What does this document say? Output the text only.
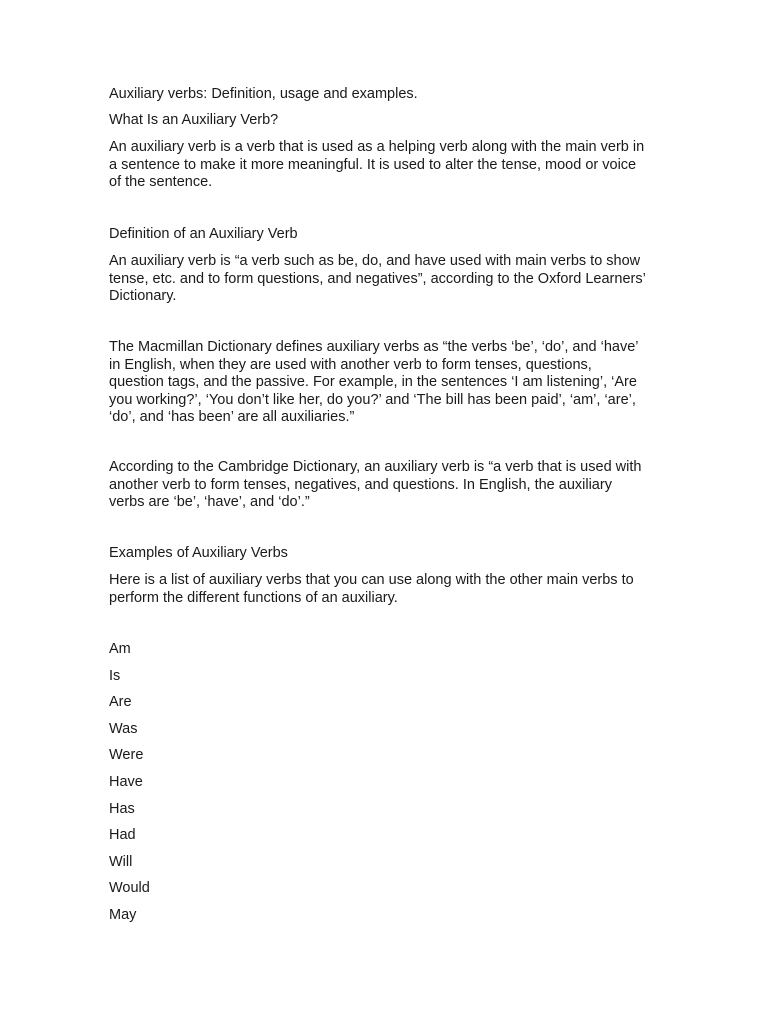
Auxiliary verbs: Definition, usage and examples.

What Is an Auxiliary Verb?

An auxiliary verb is a verb that is used as a helping verb along with the main verb in a sentence to make it more meaningful. It is used to alter the tense, mood or voice of the sentence.

Definition of an Auxiliary Verb

An auxiliary verb is “a verb such as be, do, and have used with main verbs to show tense, etc. and to form questions, and negatives”, according to the Oxford Learners’ Dictionary.

The Macmillan Dictionary defines auxiliary verbs as “the verbs ‘be’, ‘do’, and ‘have’ in English, when they are used with another verb to form tenses, questions, question tags, and the passive. For example, in the sentences ‘I am listening’, ‘Are you working?’, ‘You don’t like her, do you?’ and ‘The bill has been paid’, ‘am’, ‘are’, ‘do’, and ‘has been’ are all auxiliaries.”

According to the Cambridge Dictionary, an auxiliary verb is “a verb that is used with another verb to form tenses, negatives, and questions. In English, the auxiliary verbs are ‘be’, ‘have’, and ‘do’.”

Examples of Auxiliary Verbs

Here is a list of auxiliary verbs that you can use along with the other main verbs to perform the different functions of an auxiliary.

Am
Is
Are
Was
Were
Have
Has
Had
Will
Would
May
